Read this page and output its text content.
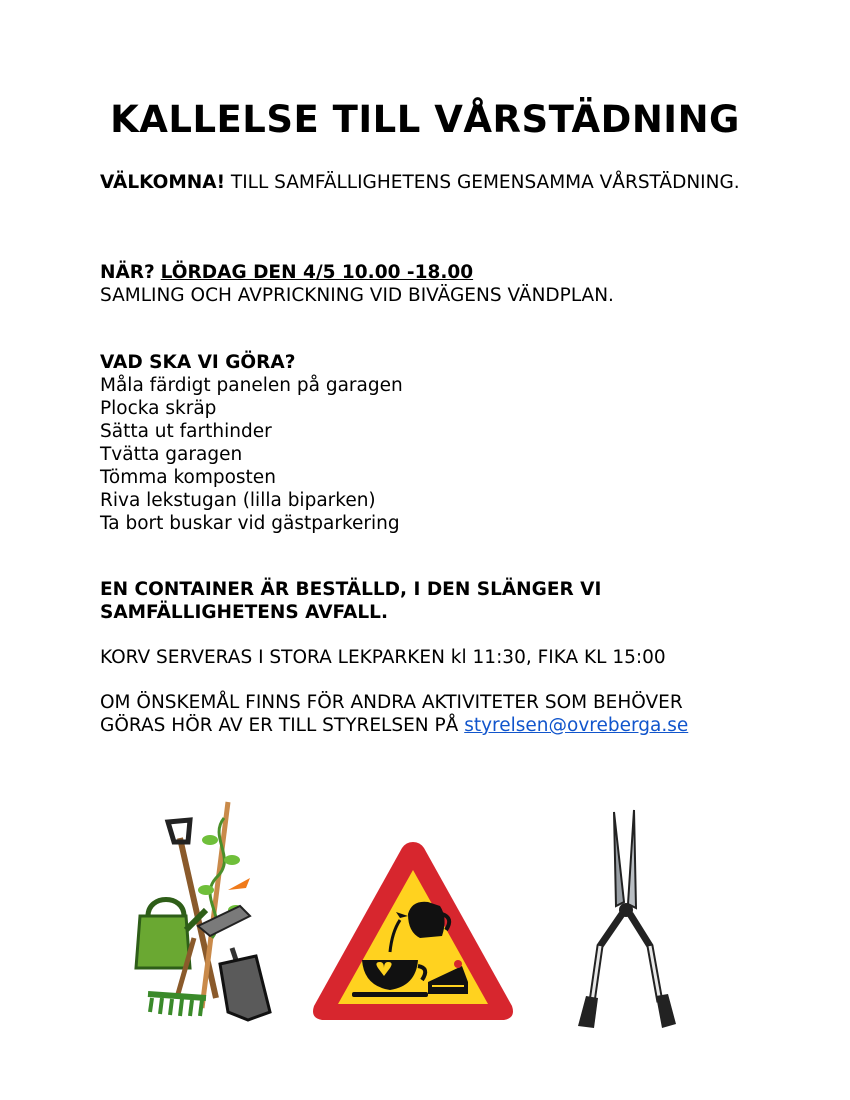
KALLELSE TILL VÅRSTÄDNING
VÄLKOMNA! TILL SAMFÄLLIGHETENS GEMENSAMMA VÅRSTÄDNING.
NÄR? LÖRDAG DEN 4/5 10.00 -18.00
SAMLING OCH AVPRICKNING VID BIVÄGENS VÄNDPLAN.
VAD SKA VI GÖRA?
Måla färdigt panelen på garagen
Plocka skräp
Sätta ut farthinder
Tvätta garagen
Tömma komposten
Riva lekstugan (lilla biparken)
Ta bort buskar vid gästparkering
EN CONTAINER ÄR BESTÄLLD, I DEN SLÄNGER VI
SAMFÄLLIGHETENS AVFALL.
KORV SERVERAS I STORA LEKPARKEN kl 11:30, FIKA KL 15:00
OM ÖNSKEMÅL FINNS FÖR ANDRA AKTIVITETER SOM BEHÖVER
GÖRAS HÖR AV ER TILL STYRELSEN PÅ styrelsen@ovreberga.se
